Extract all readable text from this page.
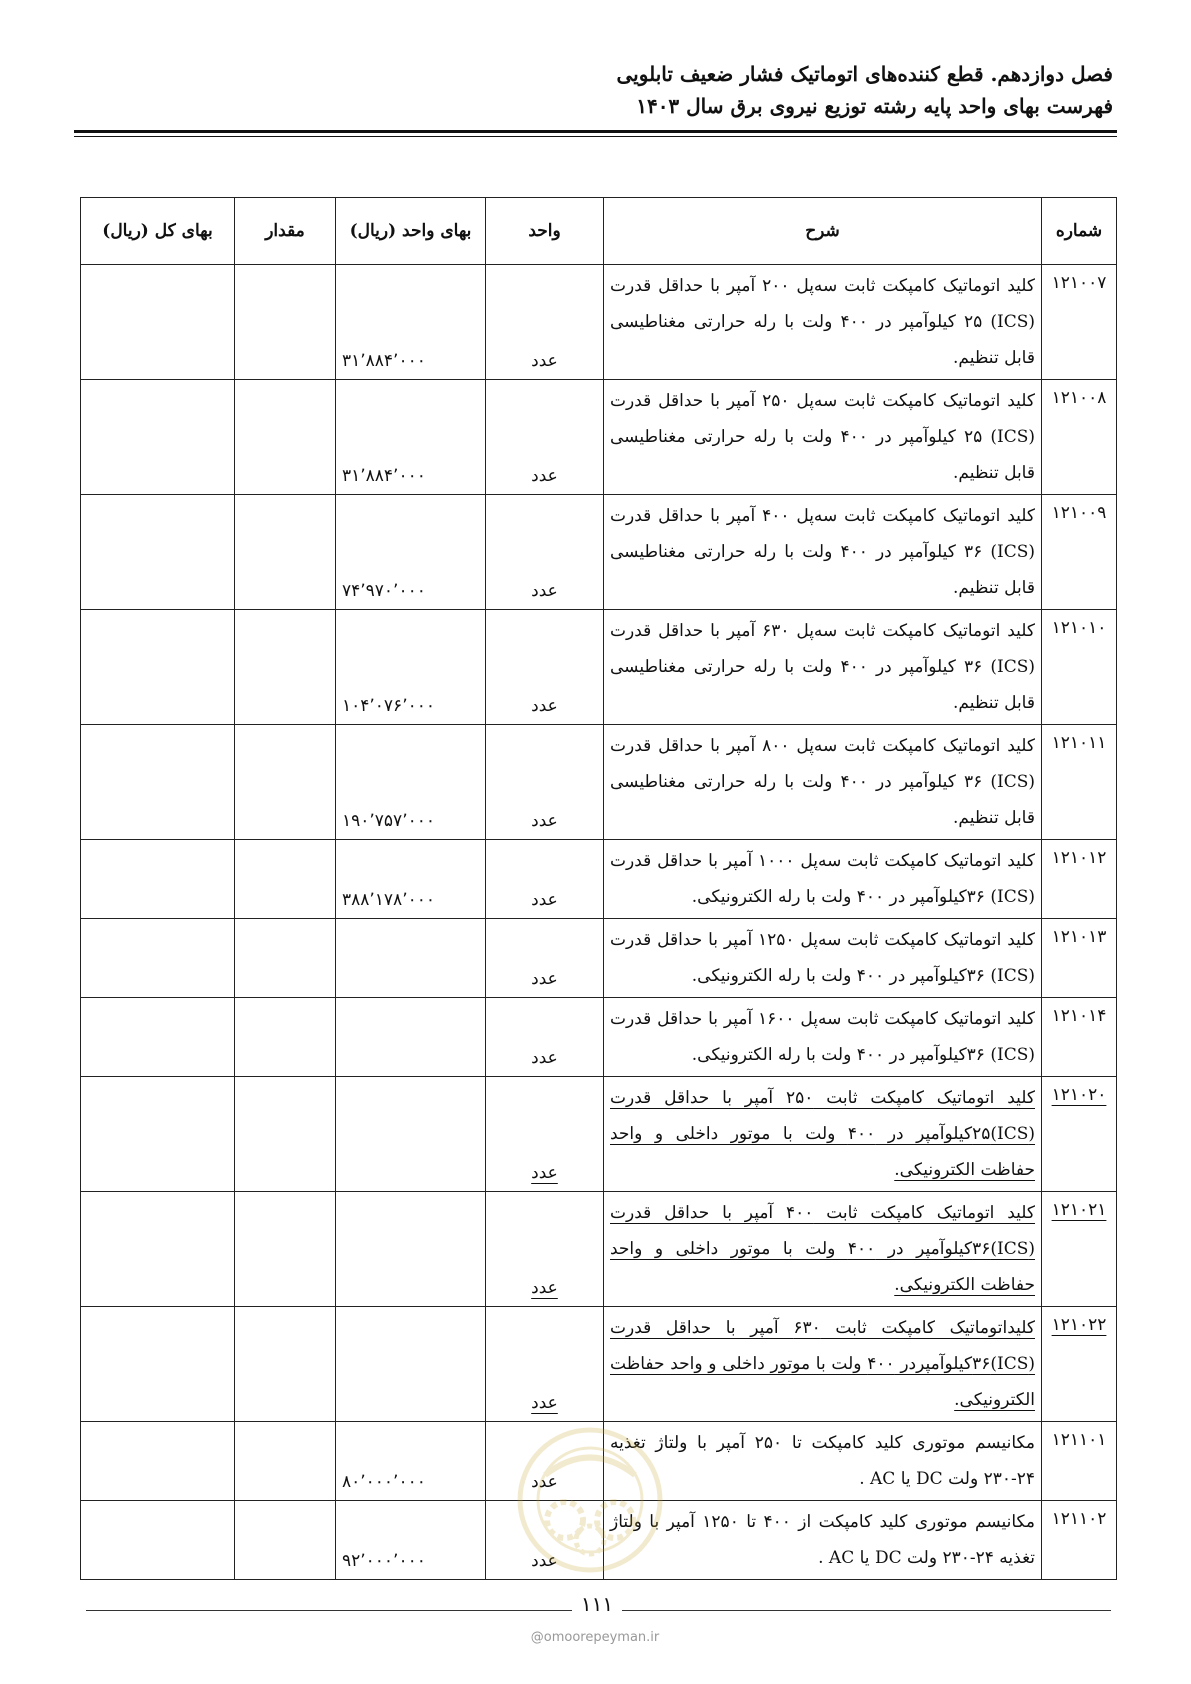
فصل دوازدهم. قطع کننده‌های اتوماتیک فشار ضعیف تابلویی
فهرست بهای واحد پایه رشته توزیع نیروی برق سال ۱۴۰۳
شماره	شرح	واحد	بهای واحد (ریال)	مقدار	بهای کل (ریال)
۱۲۱۰۰۷	کلید اتوماتیک کامپکت ثابت سه‌پل ۲۰۰ آمپر با حداقل قدرت (ICS) ۲۵ کیلوآمپر در ۴۰۰ ولت با رله حرارتی مغناطیسی قابل تنظیم.	عدد	۳۱٬۸۸۴٬۰۰۰		
۱۲۱۰۰۸	کلید اتوماتیک کامپکت ثابت سه‌پل ۲۵۰ آمپر با حداقل قدرت (ICS) ۲۵ کیلوآمپر در ۴۰۰ ولت با رله حرارتی مغناطیسی قابل تنظیم.	عدد	۳۱٬۸۸۴٬۰۰۰		
۱۲۱۰۰۹	کلید اتوماتیک کامپکت ثابت سه‌پل ۴۰۰ آمپر با حداقل قدرت (ICS) ۳۶ کیلوآمپر در ۴۰۰ ولت با رله حرارتی مغناطیسی قابل تنظیم.	عدد	۷۴٬۹۷۰٬۰۰۰		
۱۲۱۰۱۰	کلید اتوماتیک کامپکت ثابت سه‌پل ۶۳۰ آمپر با حداقل قدرت (ICS) ۳۶ کیلوآمپر در ۴۰۰ ولت با رله حرارتی مغناطیسی قابل تنظیم.	عدد	۱۰۴٬۰۷۶٬۰۰۰		
۱۲۱۰۱۱	کلید اتوماتیک کامپکت ثابت سه‌پل ۸۰۰ آمپر با حداقل قدرت (ICS) ۳۶ کیلوآمپر در ۴۰۰ ولت با رله حرارتی مغناطیسی قابل تنظیم.	عدد	۱۹۰٬۷۵۷٬۰۰۰		
۱۲۱۰۱۲	کلید اتوماتیک کامپکت ثابت سه‌پل ۱۰۰۰ آمپر با حداقل قدرت (ICS) ۳۶کیلوآمپر در ۴۰۰ ولت با رله الکترونیکی.	عدد	۳۸۸٬۱۷۸٬۰۰۰		
۱۲۱۰۱۳	کلید اتوماتیک کامپکت ثابت سه‌پل ۱۲۵۰ آمپر با حداقل قدرت (ICS) ۳۶کیلوآمپر در ۴۰۰ ولت با رله الکترونیکی.	عدد			
۱۲۱۰۱۴	کلید اتوماتیک کامپکت ثابت سه‌پل ۱۶۰۰ آمپر با حداقل قدرت (ICS) ۳۶کیلوآمپر در ۴۰۰ ولت با رله الکترونیکی.	عدد			
۱۲۱۰۲۰	کلید اتوماتیک کامپکت ثابت ۲۵۰ آمپر با حداقل قدرت (ICS)۲۵کیلوآمپر در ۴۰۰ ولت با موتور داخلی و واحد حفاظت الکترونیکی.	عدد			
۱۲۱۰۲۱	کلید اتوماتیک کامپکت ثابت ۴۰۰ آمپر با حداقل قدرت (ICS)۳۶کیلوآمپر در ۴۰۰ ولت با موتور داخلی و واحد حفاظت الکترونیکی.	عدد			
۱۲۱۰۲۲	کلیداتوماتیک کامپکت ثابت ۶۳۰ آمپر با حداقل قدرت (ICS)۳۶کیلوآمپردر ۴۰۰ ولت با موتور داخلی و واحد حفاظت الکترونیکی.	عدد			
۱۲۱۱۰۱	مکانیسم موتوری کلید کامپکت تا ۲۵۰ آمپر با ولتاژ تغذیه ۲۴-۲۳۰ ولت DC یا AC .	عدد	۸۰٬۰۰۰٬۰۰۰		
۱۲۱۱۰۲	مکانیسم موتوری کلید کامپکت از ۴۰۰ تا ۱۲۵۰ آمپر با ولتاژ تغذیه ۲۴-۲۳۰ ولت DC یا AC .	عدد	۹۲٬۰۰۰٬۰۰۰		
۱۱۱
@omoorepeyman.ir
